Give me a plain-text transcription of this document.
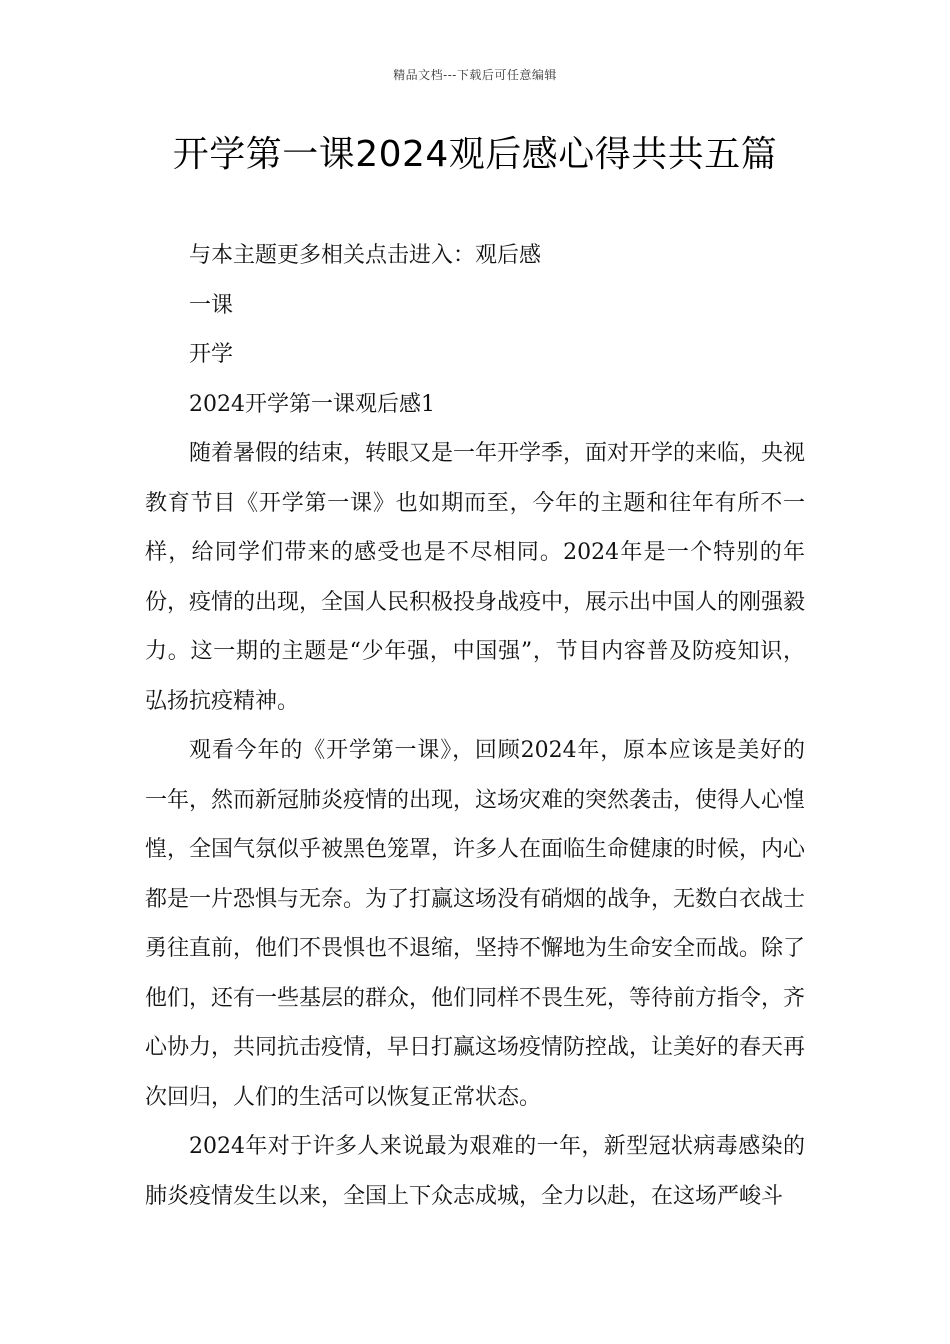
精品文档---下载后可任意编辑
开学第一课2024观后感心得共共五篇

与本主题更多相关点击进入：观后感

一课

开学

2024开学第一课观后感1

随着暑假的结束，转眼又是一年开学季，面对开学的来临，央视教育节目《开学第一课》也如期而至，今年的主题和往年有所不一样，给同学们带来的感受也是不尽相同。2024年是一个特别的年份，疫情的出现，全国人民积极投身战疫中，展示出中国人的刚强毅力。这一期的主题是“少年强，中国强”，节目内容普及防疫知识，弘扬抗疫精神。

观看今年的《开学第一课》，回顾2024年，原本应该是美好的一年，然而新冠肺炎疫情的出现，这场灾难的突然袭击，使得人心惶惶，全国气氛似乎被黑色笼罩，许多人在面临生命健康的时候，内心都是一片恐惧与无奈。为了打赢这场没有硝烟的战争，无数白衣战士勇往直前，他们不畏惧也不退缩，坚持不懈地为生命安全而战。除了他们，还有一些基层的群众，他们同样不畏生死，等待前方指令，齐心协力，共同抗击疫情，早日打赢这场疫情防控战，让美好的春天再次回归，人们的生活可以恢复正常状态。

2024年对于许多人来说最为艰难的一年，新型冠状病毒感染的肺炎疫情发生以来，全国上下众志成城，全力以赴，在这场严峻斗
